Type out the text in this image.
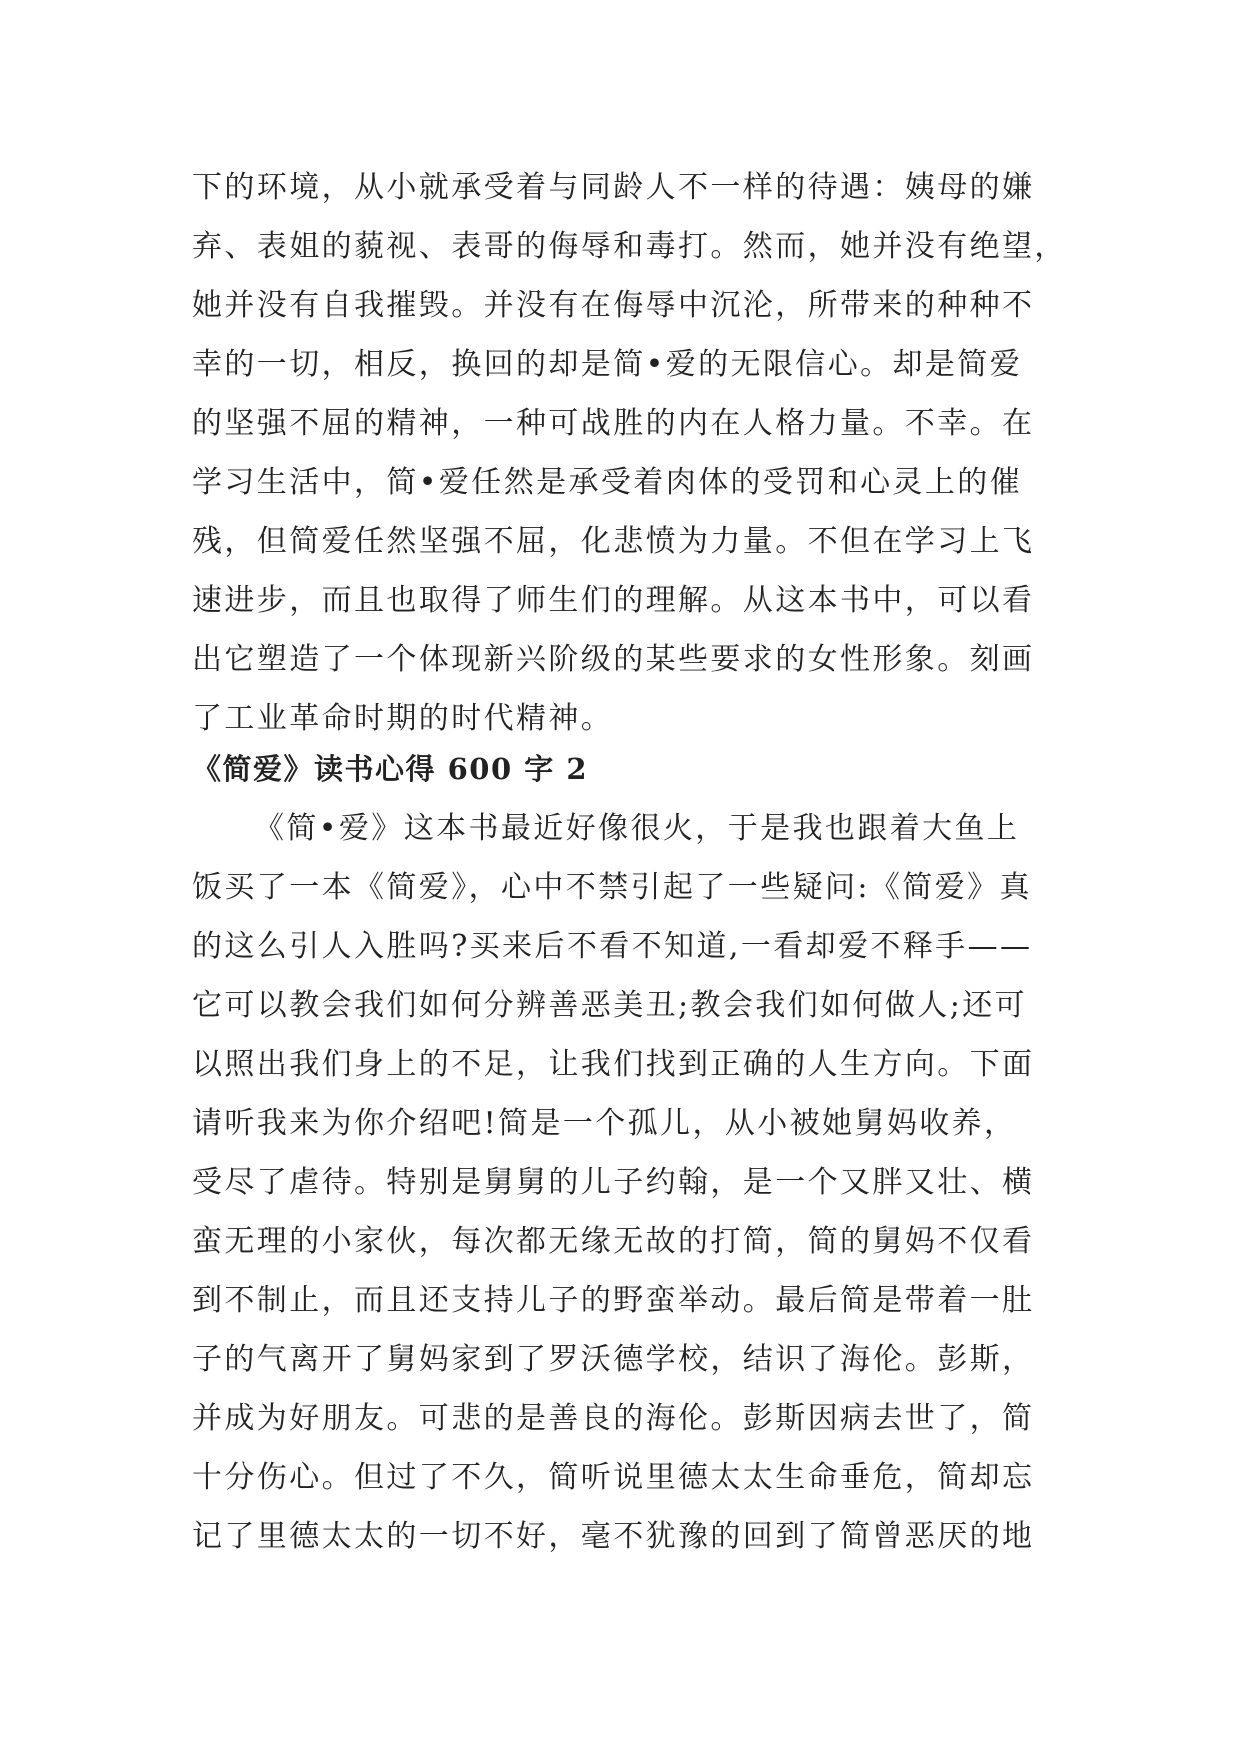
下的环境，从小就承受着与同龄人不一样的待遇：姨母的嫌

弃、表姐的藐视、表哥的侮辱和毒打。然而，她并没有绝望，

她并没有自我摧毁。并没有在侮辱中沉沦，所带来的种种不

幸的一切，相反，换回的却是简•爱的无限信心。却是简爱

的坚强不屈的精神，一种可战胜的内在人格力量。不幸。在

学习生活中，简•爱任然是承受着肉体的受罚和心灵上的催

残，但简爱任然坚强不屈，化悲愤为力量。不但在学习上飞

速进步，而且也取得了师生们的理解。从这本书中，可以看

出它塑造了一个体现新兴阶级的某些要求的女性形象。刻画

了工业革命时期的时代精神。

《简爱》读书心得 600 字 2

《简•爱》这本书最近好像很火，于是我也跟着大鱼上

饭买了一本《简爱》，心中不禁引起了一些疑问:《简爱》真

的这么引人入胜吗?买来后不看不知道,一看却爱不释手——

它可以教会我们如何分辨善恶美丑;教会我们如何做人;还可

以照出我们身上的不足，让我们找到正确的人生方向。下面

请听我来为你介绍吧!简是一个孤儿，从小被她舅妈收养，

受尽了虐待。特别是舅舅的儿子约翰，是一个又胖又壮、横

蛮无理的小家伙，每次都无缘无故的打简，简的舅妈不仅看

到不制止，而且还支持儿子的野蛮举动。最后简是带着一肚

子的气离开了舅妈家到了罗沃德学校，结识了海伦。彭斯，

并成为好朋友。可悲的是善良的海伦。彭斯因病去世了，简

十分伤心。但过了不久，简听说里德太太生命垂危，简却忘

记了里德太太的一切不好，毫不犹豫的回到了简曾恶厌的地
